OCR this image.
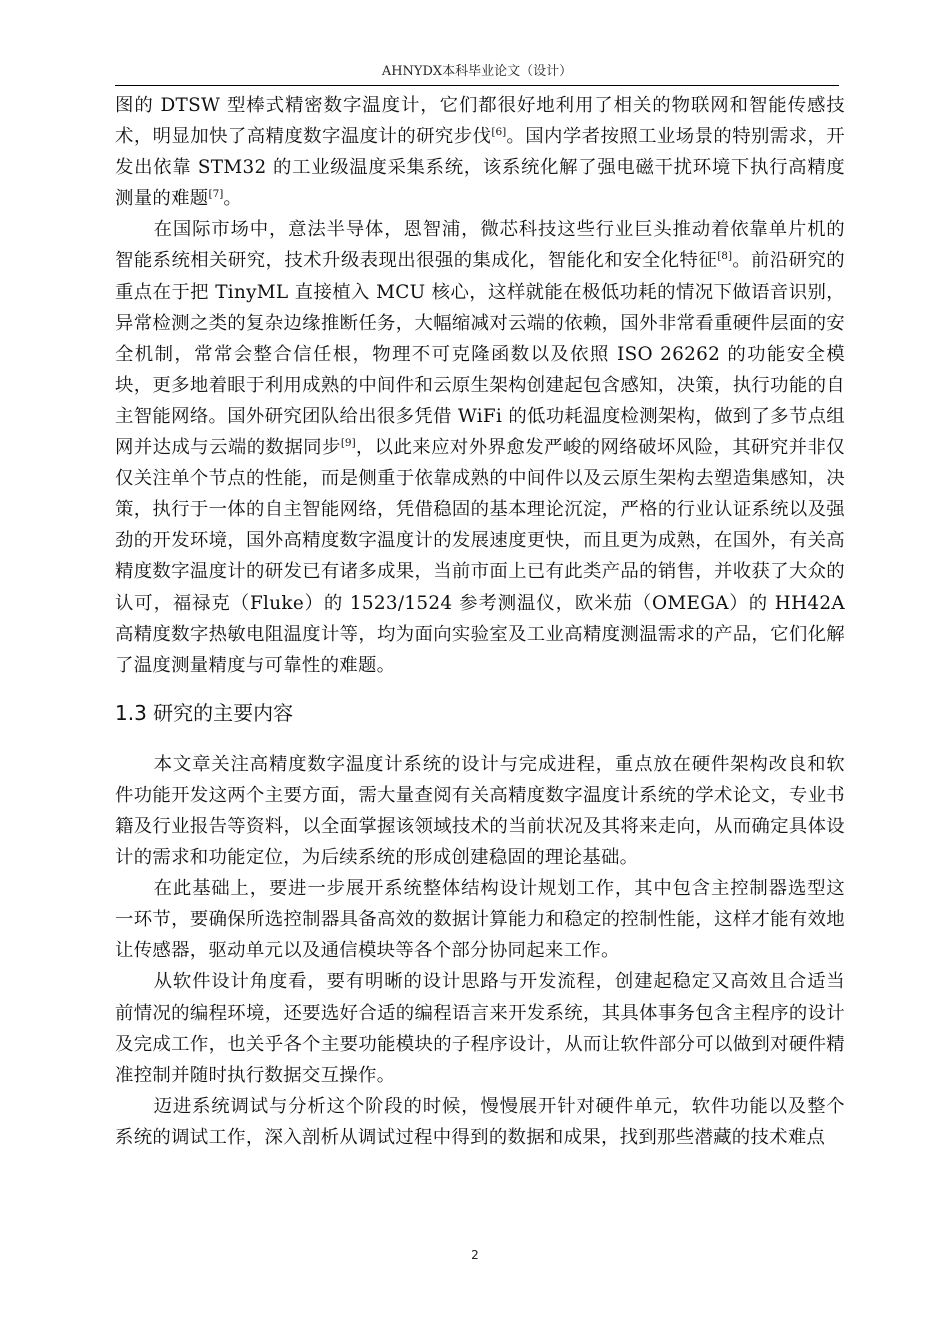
AHNYDX本科毕业论文（设计）

图的 DTSW 型棒式精密数字温度计，它们都很好地利用了相关的物联网和智能传感技术，明显加快了高精度数字温度计的研究步伐[6]。国内学者按照工业场景的特别需求，开发出依靠 STM32 的工业级温度采集系统，该系统化解了强电磁干扰环境下执行高精度测量的难题[7]。

在国际市场中，意法半导体，恩智浦，微芯科技这些行业巨头推动着依靠单片机的智能系统相关研究，技术升级表现出很强的集成化，智能化和安全化特征[8]。前沿研究的重点在于把 TinyML 直接植入 MCU 核心，这样就能在极低功耗的情况下做语音识别，异常检测之类的复杂边缘推断任务，大幅缩减对云端的依赖，国外非常看重硬件层面的安全机制，常常会整合信任根，物理不可克隆函数以及依照 ISO 26262 的功能安全模块，更多地着眼于利用成熟的中间件和云原生架构创建起包含感知，决策，执行功能的自主智能网络。国外研究团队给出很多凭借 WiFi 的低功耗温度检测架构，做到了多节点组网并达成与云端的数据同步[9]，以此来应对外界愈发严峻的网络破坏风险，其研究并非仅仅关注单个节点的性能，而是侧重于依靠成熟的中间件以及云原生架构去塑造集感知，决策，执行于一体的自主智能网络，凭借稳固的基本理论沉淀，严格的行业认证系统以及强劲的开发环境，国外高精度数字温度计的发展速度更快，而且更为成熟，在国外，有关高精度数字温度计的研发已有诸多成果，当前市面上已有此类产品的销售，并收获了大众的认可，福禄克（Fluke）的 1523/1524 参考测温仪，欧米茄（OMEGA）的 HH42A 高精度数字热敏电阻温度计等，均为面向实验室及工业高精度测温需求的产品，它们化解了温度测量精度与可靠性的难题。

1.3 研究的主要内容

本文章关注高精度数字温度计系统的设计与完成进程，重点放在硬件架构改良和软件功能开发这两个主要方面，需大量查阅有关高精度数字温度计系统的学术论文，专业书籍及行业报告等资料，以全面掌握该领域技术的当前状况及其将来走向，从而确定具体设计的需求和功能定位，为后续系统的形成创建稳固的理论基础。

在此基础上，要进一步展开系统整体结构设计规划工作，其中包含主控制器选型这一环节，要确保所选控制器具备高效的数据计算能力和稳定的控制性能，这样才能有效地让传感器，驱动单元以及通信模块等各个部分协同起来工作。

从软件设计角度看，要有明晰的设计思路与开发流程，创建起稳定又高效且合适当前情况的编程环境，还要选好合适的编程语言来开发系统，其具体事务包含主程序的设计及完成工作，也关乎各个主要功能模块的子程序设计，从而让软件部分可以做到对硬件精准控制并随时执行数据交互操作。

迈进系统调试与分析这个阶段的时候，慢慢展开针对硬件单元，软件功能以及整个系统的调试工作，深入剖析从调试过程中得到的数据和成果，找到那些潜藏的技术难点

2
